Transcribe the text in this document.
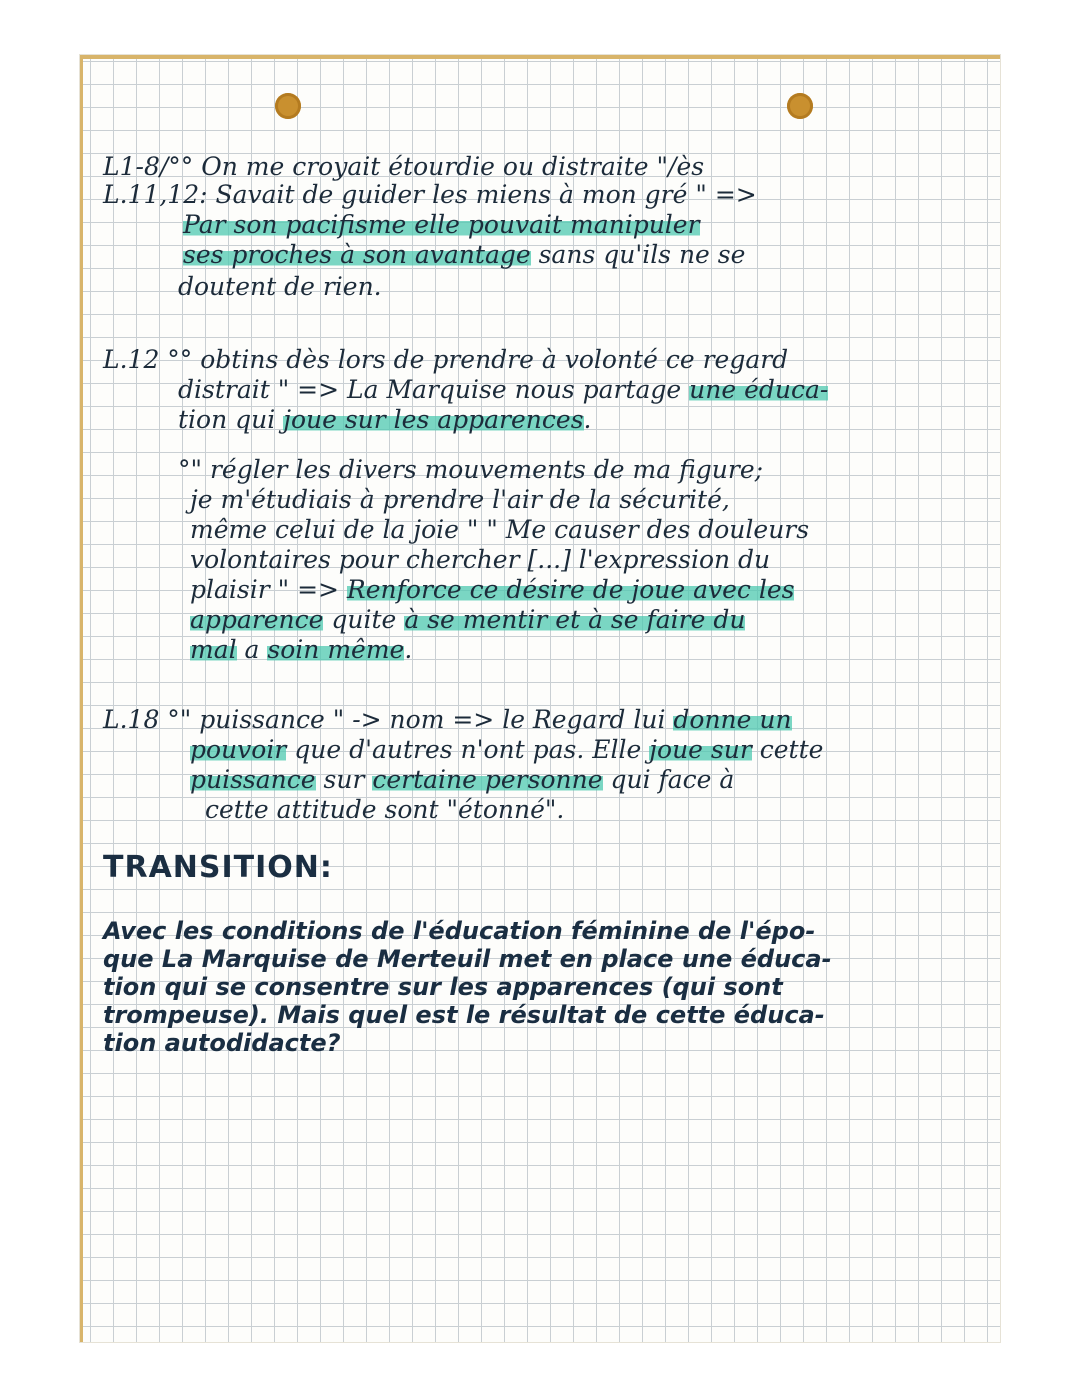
L1-8/°° On me croyait étourdie ou distraite "/ès
L.11,12: Savait de guider les miens à mon gré " =>
Par son pacifisme elle pouvait manipuler
ses proches à son avantage sans qu'ils ne se
doutent de rien.
L.12 °° obtins dès lors de prendre à volonté ce regard
distrait " => La Marquise nous partage une éduca-
tion qui joue sur les apparences.
°" régler les divers mouvements de ma figure;
je m'étudiais à prendre l'air de la sécurité,
même celui de la joie " " Me causer des douleurs
volontaires pour chercher [...] l'expression du
plaisir " => Renforce ce désire de joue avec les
apparence quite à se mentir et à se faire du
mal a soin même.
L.18 °" puissance " -> nom => le Regard lui donne un
pouvoir que d'autres n'ont pas. Elle joue sur cette
puissance sur certaine personne qui face à
cette attitude sont "étonné".
TRANSITION:
Avec les conditions de l'éducation féminine de l'épo-
que La Marquise de Merteuil met en place une éduca-
tion qui se consentre sur les apparences (qui sont
trompeuse). Mais quel est le résultat de cette éduca-
tion autodidacte?
